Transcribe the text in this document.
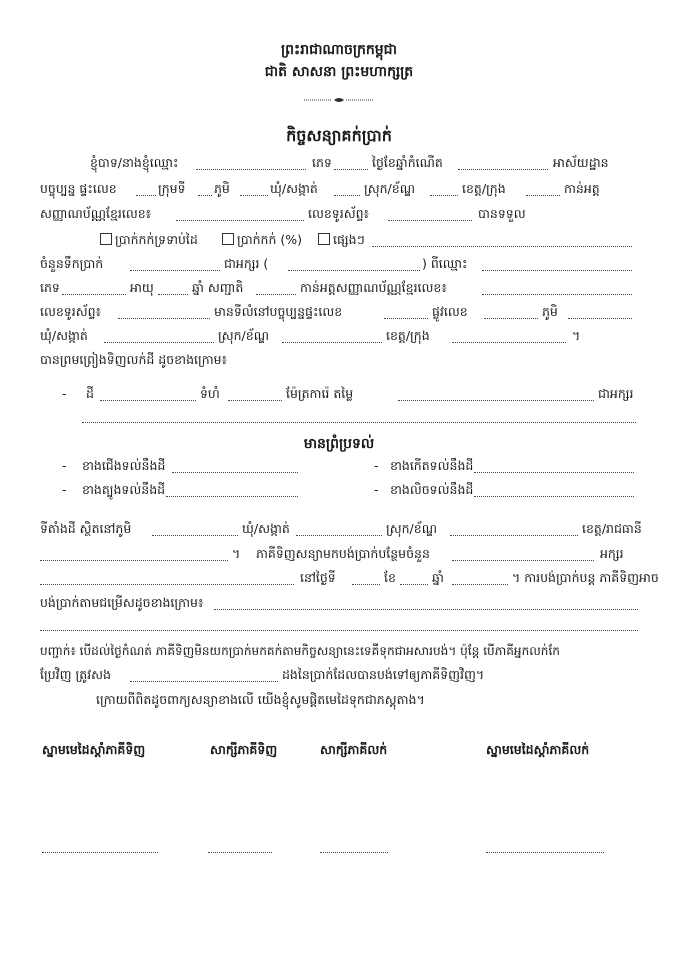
ព្រះរាជាណាចក្រកម្ពុជា
ជាតិ សាសនា ព្រះមហាក្សត្រ
កិច្ចសន្យាគក់ប្រាក់
ខ្ញុំបាទ/នាងខ្ញុំឈ្មោះ	ភេទ	ថ្ងៃខែឆ្នាំកំណើត	អាស័យដ្ឋាន
បច្ចុប្បន្ន ផ្ទះលេខ	ក្រុមទី ភូមិ	ឃុំ/សង្កាត់	ស្រុក/ខ័ណ្ឌ	ខេត្ត/ក្រុង	កាន់អត្ត
សញ្ញាណប័ណ្ណខ្មែរលេខ៖	លេខទូរស័ព្ទ៖	បានទទួល
ប្រាក់កក់ទ្រទាប់ដៃ	ប្រាក់កក់ (%)	ផ្សេងៗ
ចំនួនទឹកប្រាក់	ជាអក្សរ (	) ពីឈ្មោះ
ភេទ	អាយុ	ឆ្នាំ សញ្ជាតិ	កាន់អត្តសញ្ញាណប័ណ្ណខ្មែរលេខ៖
លេខទូរស័ព្ទ៖	មានទីលំនៅបច្ចុប្បន្នផ្ទះលេខ	ផ្លូវលេខ	ភូមិ
ឃុំ/សង្កាត់	ស្រុក/ខ័ណ្ឌ	ខេត្ត/ក្រុង	។
បានព្រមព្រៀងទិញលក់ដី ដូចខាងក្រោម៖
- ដី	ទំហំ	ម៉ែត្រការ៉េ តម្លៃ	ជាអក្សរ
មានព្រំប្រទល់
- ខាងជើងទល់នឹងដី	- ខាងកើតទល់នឹងដី
- ខាងត្បូងទល់នឹងដី	- ខាងលិចទល់នឹងដី
ទីតាំងដី ស្ថិតនៅភូមិ	ឃុំ/សង្កាត់	ស្រុក/ខ័ណ្ឌ	ខេត្ត/រាជធានី
។ ភាគីទិញសន្យាមកបង់ប្រាក់បន្ថែមចំនួន	អក្សរ
នៅថ្ងៃទី	ខែ	ឆ្នាំ	។ ការបង់ប្រាក់បន្ត ភាគីទិញអាច
បង់ប្រាក់តាមជម្រើសដូចខាងក្រោម៖
បញ្ជាក់៖ បើដល់ថ្ងៃកំណត់ ភាគីទិញមិនយកប្រាក់មកគក់តាមកិច្ចសន្យានេះទេគឺទុកជាអសារបង់។ ប៉ុន្តែ បើភាគីអ្នកលក់កែ
ប្រែវិញ ត្រូវសង	ដងនៃប្រាក់ដែលបានបង់ទៅឲ្យភាគីទិញវិញ។
ក្រោយពីពិតដូចពាក្យសន្យាខាងលើ យើងខ្ញុំសូមផ្តិតមេដៃទុកជាភស្តុតាង។
ស្នាមមេដៃស្តាំភាគីទិញ	សាក្សីភាគីទិញ	សាក្សីភាគីលក់	ស្នាមមេដៃស្តាំភាគីលក់
